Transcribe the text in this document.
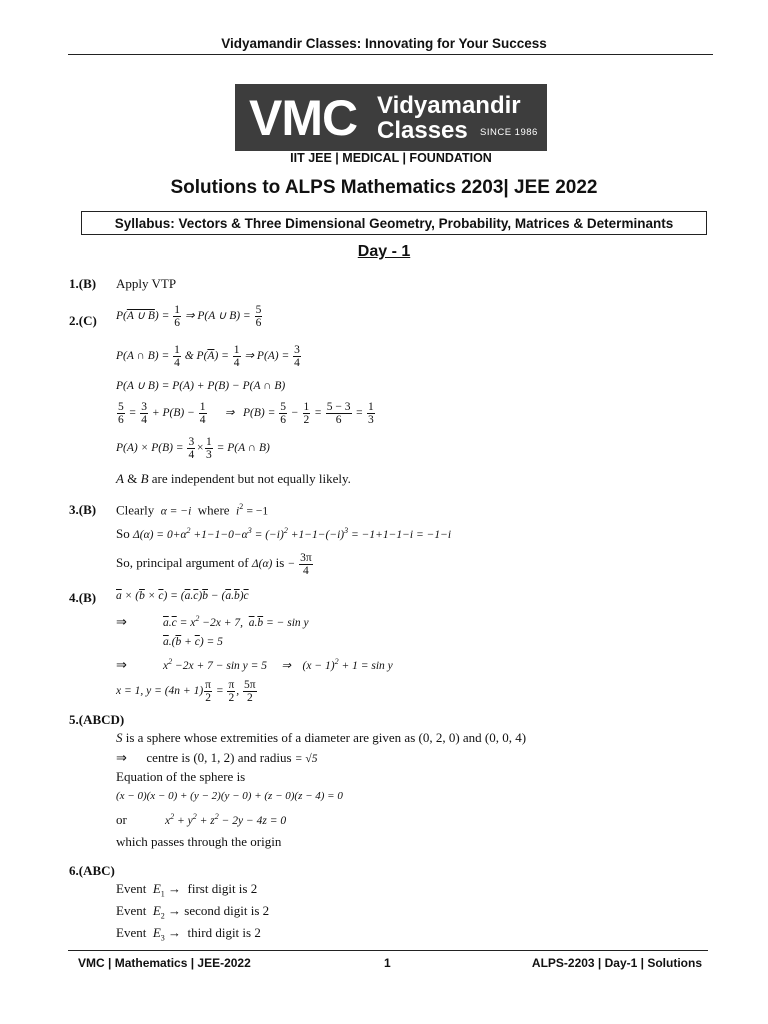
Vidyamandir Classes: Innovating for Your Success
VMC Vidyamandir
Classes SINCE 1986
IIT JEE | MEDICAL | FOUNDATION
Solutions to ALPS Mathematics 2203| JEE 2022
Syllabus: Vectors & Three Dimensional Geometry, Probability, Matrices & Determinants
Day - 1
1.(B) Apply VTP
2.(C) P(A ∪ $B) = \frac{1}{6}$ ⇒ P(A ∪ $B) = \frac{5}{6}$
P(A ∩ $B) = \frac{1}{4}$ & $P(\overline{A}) = \frac{1}{4}$ ⇒ $P(A) = \frac{3}{4}$
P(A ∪ B) = P(A) + P(B) − P(A ∩ B)
$\frac{5}{6} = \frac{3}{4} + P(B) - \frac{1}{4}$ ⇒   $P(B) = \frac{5}{6} - \frac{1}{2} = \frac{5 - 3}{6} = \frac{1}{3}$
$P(A) \times P(B) = \frac{3}{4} \times \frac{1}{3} = P(A$ ∩ B)
A & B are independent but not equally likely.
3.(B) Clearly α = −i where $i^2 = -1$
So $\Delta(\alpha) = 0+\alpha^2 +1-1-0-\alpha^3 = (-i)^2 +1-1-(-i)^3 = -1+1-1-i = -1-i$
So, principal argument of Δ(α) is − $\frac{3\pi}{4}$
4.(B) $\overline{a} \times (\overline{b} \times \overline{c}) = (\overline{a}.\overline{c})\overline{b} - (\overline{a}.\overline{b})\overline{c}$
⇒	$\overline{a}.\overline{c} = x^2 -2x + 7$,  $\overline{a}.\overline{b}$ = − sin y
$\overline{a}.(\overline{b} + \overline{c}) = 5$
⇒	$x^2 -2x + 7 - \sin y = 5$     ⇒    $(x - 1)^2 + 1 = \sin y$
x = 1, $y = (4n + 1) \frac{\pi}{2} = \frac{\pi}{2}$ , $\frac{5\pi}{2}$
5.(ABCD)
S is a sphere whose extremities of a diameter are given as (0, 2, 0) and (0, 0, 4)
⇒      centre is (0, 1, 2) and radius = √5
Equation of the sphere is
(x − 0)(x − 0) + (y − 2)(y − 0) + (z − 0)(z − 4) = 0
or	$x^2 + y^2 + z^2 - 2y - 4z = 0$
which passes through the origin
6.(ABC)
Event $E_1$ →  first digit is 2
Event $E_2$ → second digit is 2
Event $E_3$ →  third digit is 2
VMC | Mathematics | JEE-2022	1	ALPS-2203 | Day-1 | Solutions
